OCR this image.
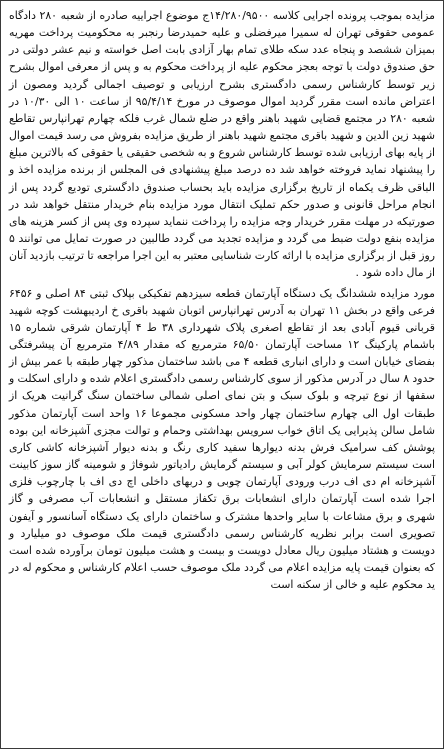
مزایده بموجب پرونده اجرایی کلاسه ۱۴/۲۸۰/۹۵۰۰ج موضوع اجراییه صادره از شعبه ۲۸۰ دادگاه عمومی حقوقی تهران له سمیرا میرفضلی و علیه حمیدرضا رنجبر به محکومیت پرداخت مهریه بمیزان ششصد و پنجاه عدد سکه طلای تمام بهار آزادی بابت اصل خواسته و نیم عشر دولتی در حق صندوق دولت با توجه بعجز محکوم علیه از پرداخت محکوم به و پس از معرفی اموال بشرح زیر توسط کارشناس رسمی دادگستری بشرح ارزیابی و توصیف اجمالی گردید ومصون از اعتراض مانده است مقرر گردید اموال موصوف در مورخ ۹۵/۴/۱۴ از ساعت ۱۰ الی ۱۰/۳۰ در شعبه ۲۸۰ در مجتمع قضایی شهید باهنر واقع در ضلع شمال غرب فلکه چهارم تهرانپارس تقاطع شهید زین الدین و شهید باقری مجتمع شهید باهنر از طریق مزایده بفروش می رسد قیمت اموال از پایه بهای ارزیابی شده توسط کارشناس شروع و به شخصی حقیقی یا حقوقی که بالاترین مبلغ را پیشنهاد نماید فروخته خواهد شد ده درصد مبلغ پیشنهادی فی المجلس از برنده مزایده اخذ و الباقی ظرف یکماه از تاریخ برگزاری مزایده باید بحساب صندوق دادگستری تودیع گردد پس از انجام مراحل قانونی و صدور حکم تملیک انتقال مورد مزایده بنام خریدار منتقل خواهد شد در صورتیکه در مهلت مقرر خریدار وجه مزایده را پرداخت ننماید سپرده وی پس از کسر هزینه های مزایده بنفع دولت ضبط می گردد و مزایده تجدید می گردد طالبین در صورت تمایل می توانند ۵ روز قبل از برگزاری مزایده با ارائه کارت شناسایی معتبر به این اجرا مراجعه تا ترتیب بازدید آنان از مال داده شود .

مورد مزایده ششدانگ یک دستگاه آپارتمان قطعه سیزدهم تفکیکی بپلاک ثبتی ۸۴ اصلی و ۶۴۵۶ فرعی واقع در بخش ۱۱ تهران به آدرس تهرانپارس اتوبان شهید باقری خ اردیبهشت کوچه شهید قربانی قیوم آبادی بعد از تقاطع اصغری پلاک شهرداری ۳۸ ط ۴ آپارتمان شرقی شماره ۱۵ باشمام پارکینگ ۱۲ مساحت آپارتمان ۶۵/۵۰ مترمربع که مقدار ۴/۸۹ مترمربع آن پیشرفتگی بفضای خیابان است و دارای انباری قطعه ۴ می باشد ساختمان مذکور چهار طبقه با عمر بیش از حدود ۸ سال در آدرس مذکور از سوی کارشناس رسمی دادگستری اعلام شده و دارای اسکلت و سقفها از نوع تیرچه و بلوک سبک و بتن نمای اصلی شمالی ساختمان سنگ گرانیت هریک از طبقات اول الی چهارم ساختمان چهار واحد مسکونی مجموعا ۱۶ واحد است آپارتمان مذکور شامل سالن پذیرایی یک اتاق خواب سرویس بهداشتی وحمام و توالت مجزی آشپزخانه این بوده پوشش کف سرامیک فرش بدنه دیوارها سفید کاری رنگ و بدنه دیوار آشپزخانه کاشی کاری است سیستم سرمایش کولر آبی و سیستم گرمایش رادیاتور شوفاژ و شومینه گاز سوز کابینت آشپزخانه ام دی اف درب ورودی آپارتمان چوبی و دربهای داخلی اچ دی اف با چارچوب فلزی اجرا شده است آپارتمان دارای انشعابات برق تکفاز مستقل و انشعابات آب مصرفی و گاز شهری و برق مشاعات با سایر واحدها مشترک و ساختمان دارای یک دستگاه آسانسور و آیفون تصویری است برابر نظریه کارشناس رسمی دادگستری قیمت ملک موصوف دو میلیارد و دویست و هشتاد میلیون ریال معادل دویست و بیست و هشت میلیون تومان برآورده شده است که بعنوان قیمت پایه مزایده اعلام می گردد ملک موصوف حسب اعلام کارشناس و محکوم له در ید محکوم علیه و خالی از سکنه است
